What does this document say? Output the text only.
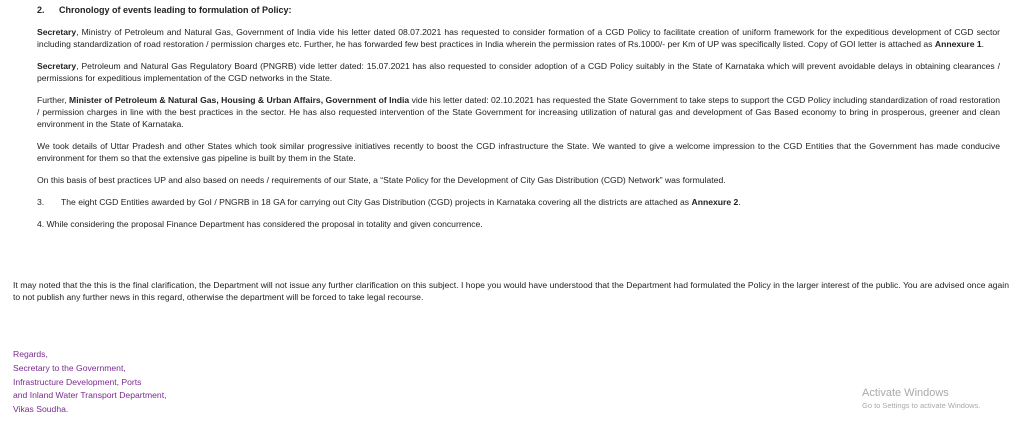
2. Chronology of events leading to formulation of Policy:

Secretary, Ministry of Petroleum and Natural Gas, Government of India vide his letter dated 08.07.2021 has requested to consider formation of a CGD Policy to facilitate creation of uniform framework for the expeditious development of CGD sector including standardization of road restoration / permission charges etc. Further, he has forwarded few best practices in India wherein the permission rates of Rs.1000/- per Km of UP was specifically listed. Copy of GOI letter is attached as Annexure 1.

Secretary, Petroleum and Natural Gas Regulatory Board (PNGRB) vide letter dated: 15.07.2021 has also requested to consider adoption of a CGD Policy suitably in the State of Karnataka which will prevent avoidable delays in obtaining clearances / permissions for expeditious implementation of the CGD networks in the State.

Further, Minister of Petroleum & Natural Gas, Housing & Urban Affairs, Government of India vide his letter dated: 02.10.2021 has requested the State Government to take steps to support the CGD Policy including standardization of road restoration / permission charges in line with the best practices in the sector. He has also requested intervention of the State Government for increasing utilization of natural gas and development of Gas Based economy to bring in prosperous, greener and clean environment in the State of Karnataka.

We took details of Uttar Pradesh and other States which took similar progressive initiatives recently to boost the CGD infrastructure the State. We wanted to give a welcome impression to the CGD Entities that the Government has made conducive environment for them so that the extensive gas pipeline is built by them in the State.

On this basis of best practices UP and also based on needs / requirements of our State, a “State Policy for the Development of City Gas Distribution (CGD) Network” was formulated.

3. The eight CGD Entities awarded by GoI / PNGRB in 18 GA for carrying out City Gas Distribution (CGD) projects in Karnataka covering all the districts are attached as Annexure 2.

4. While considering the proposal Finance Department has considered the proposal in totality and given concurrence.

It may noted that the this is the final clarification, the Department will not issue any further clarification on this subject. I hope you would have understood that the Department had formulated the Policy in the larger interest of the public. You are advised once again to not publish any further news in this regard, otherwise the department will be forced to take legal recourse.

Regards,
Secretary to the Government,
Infrastructure Development, Ports
and Inland Water Transport Department,
Vikas Soudha.
Activate Windows
Go to Settings to activate Windows.
